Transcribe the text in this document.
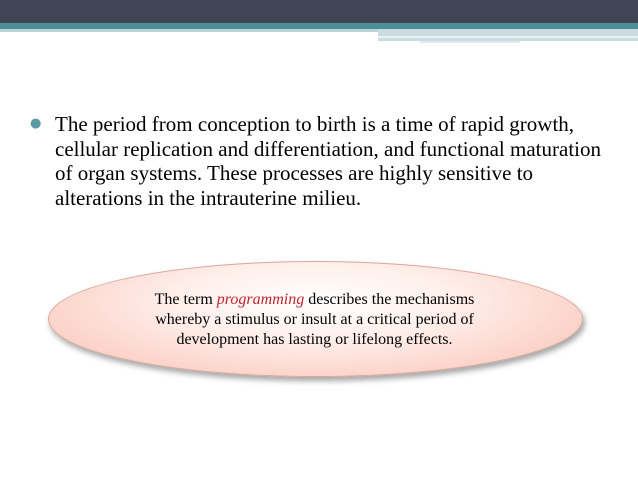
● The period from conception to birth is a time of rapid growth, cellular replication and differentiation, and functional maturation of organ systems. These processes are highly sensitive to alterations in the intrauterine milieu.
The term programming describes the mechanisms
whereby a stimulus or insult at a critical period of
development has lasting or lifelong effects.
